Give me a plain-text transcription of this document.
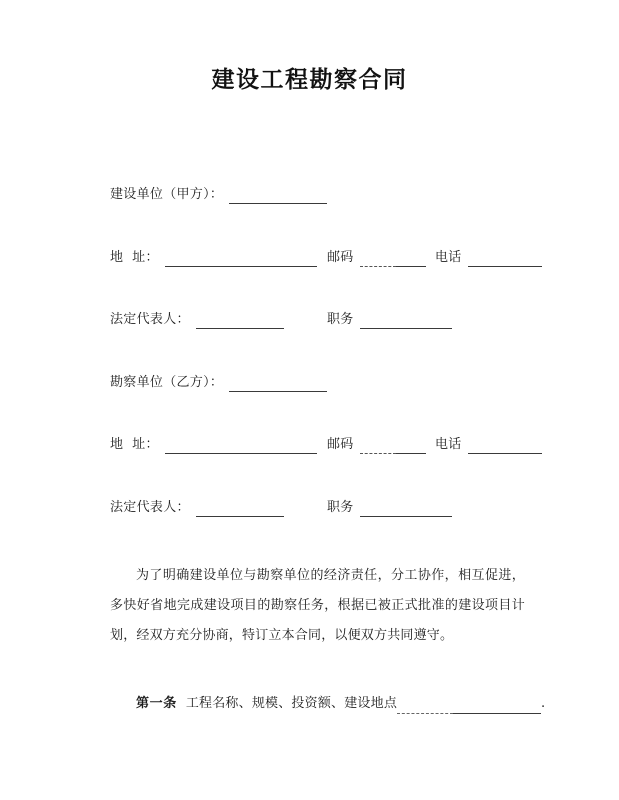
建设工程勘察合同
建设单位（甲方）：
地  址：	邮码	电话
法定代表人：	职务
勘察单位（乙方）：
地  址：	邮码	电话
法定代表人：	职务
为了明确建设单位与勘察单位的经济责任，分工协作，相互促进，多快好省地完成建设项目的勘察任务，根据已被正式批准的建设项目计划，经双方充分协商，特订立本合同，以便双方共同遵守。
第一条 工程名称、规模、投资额、建设地点	.
